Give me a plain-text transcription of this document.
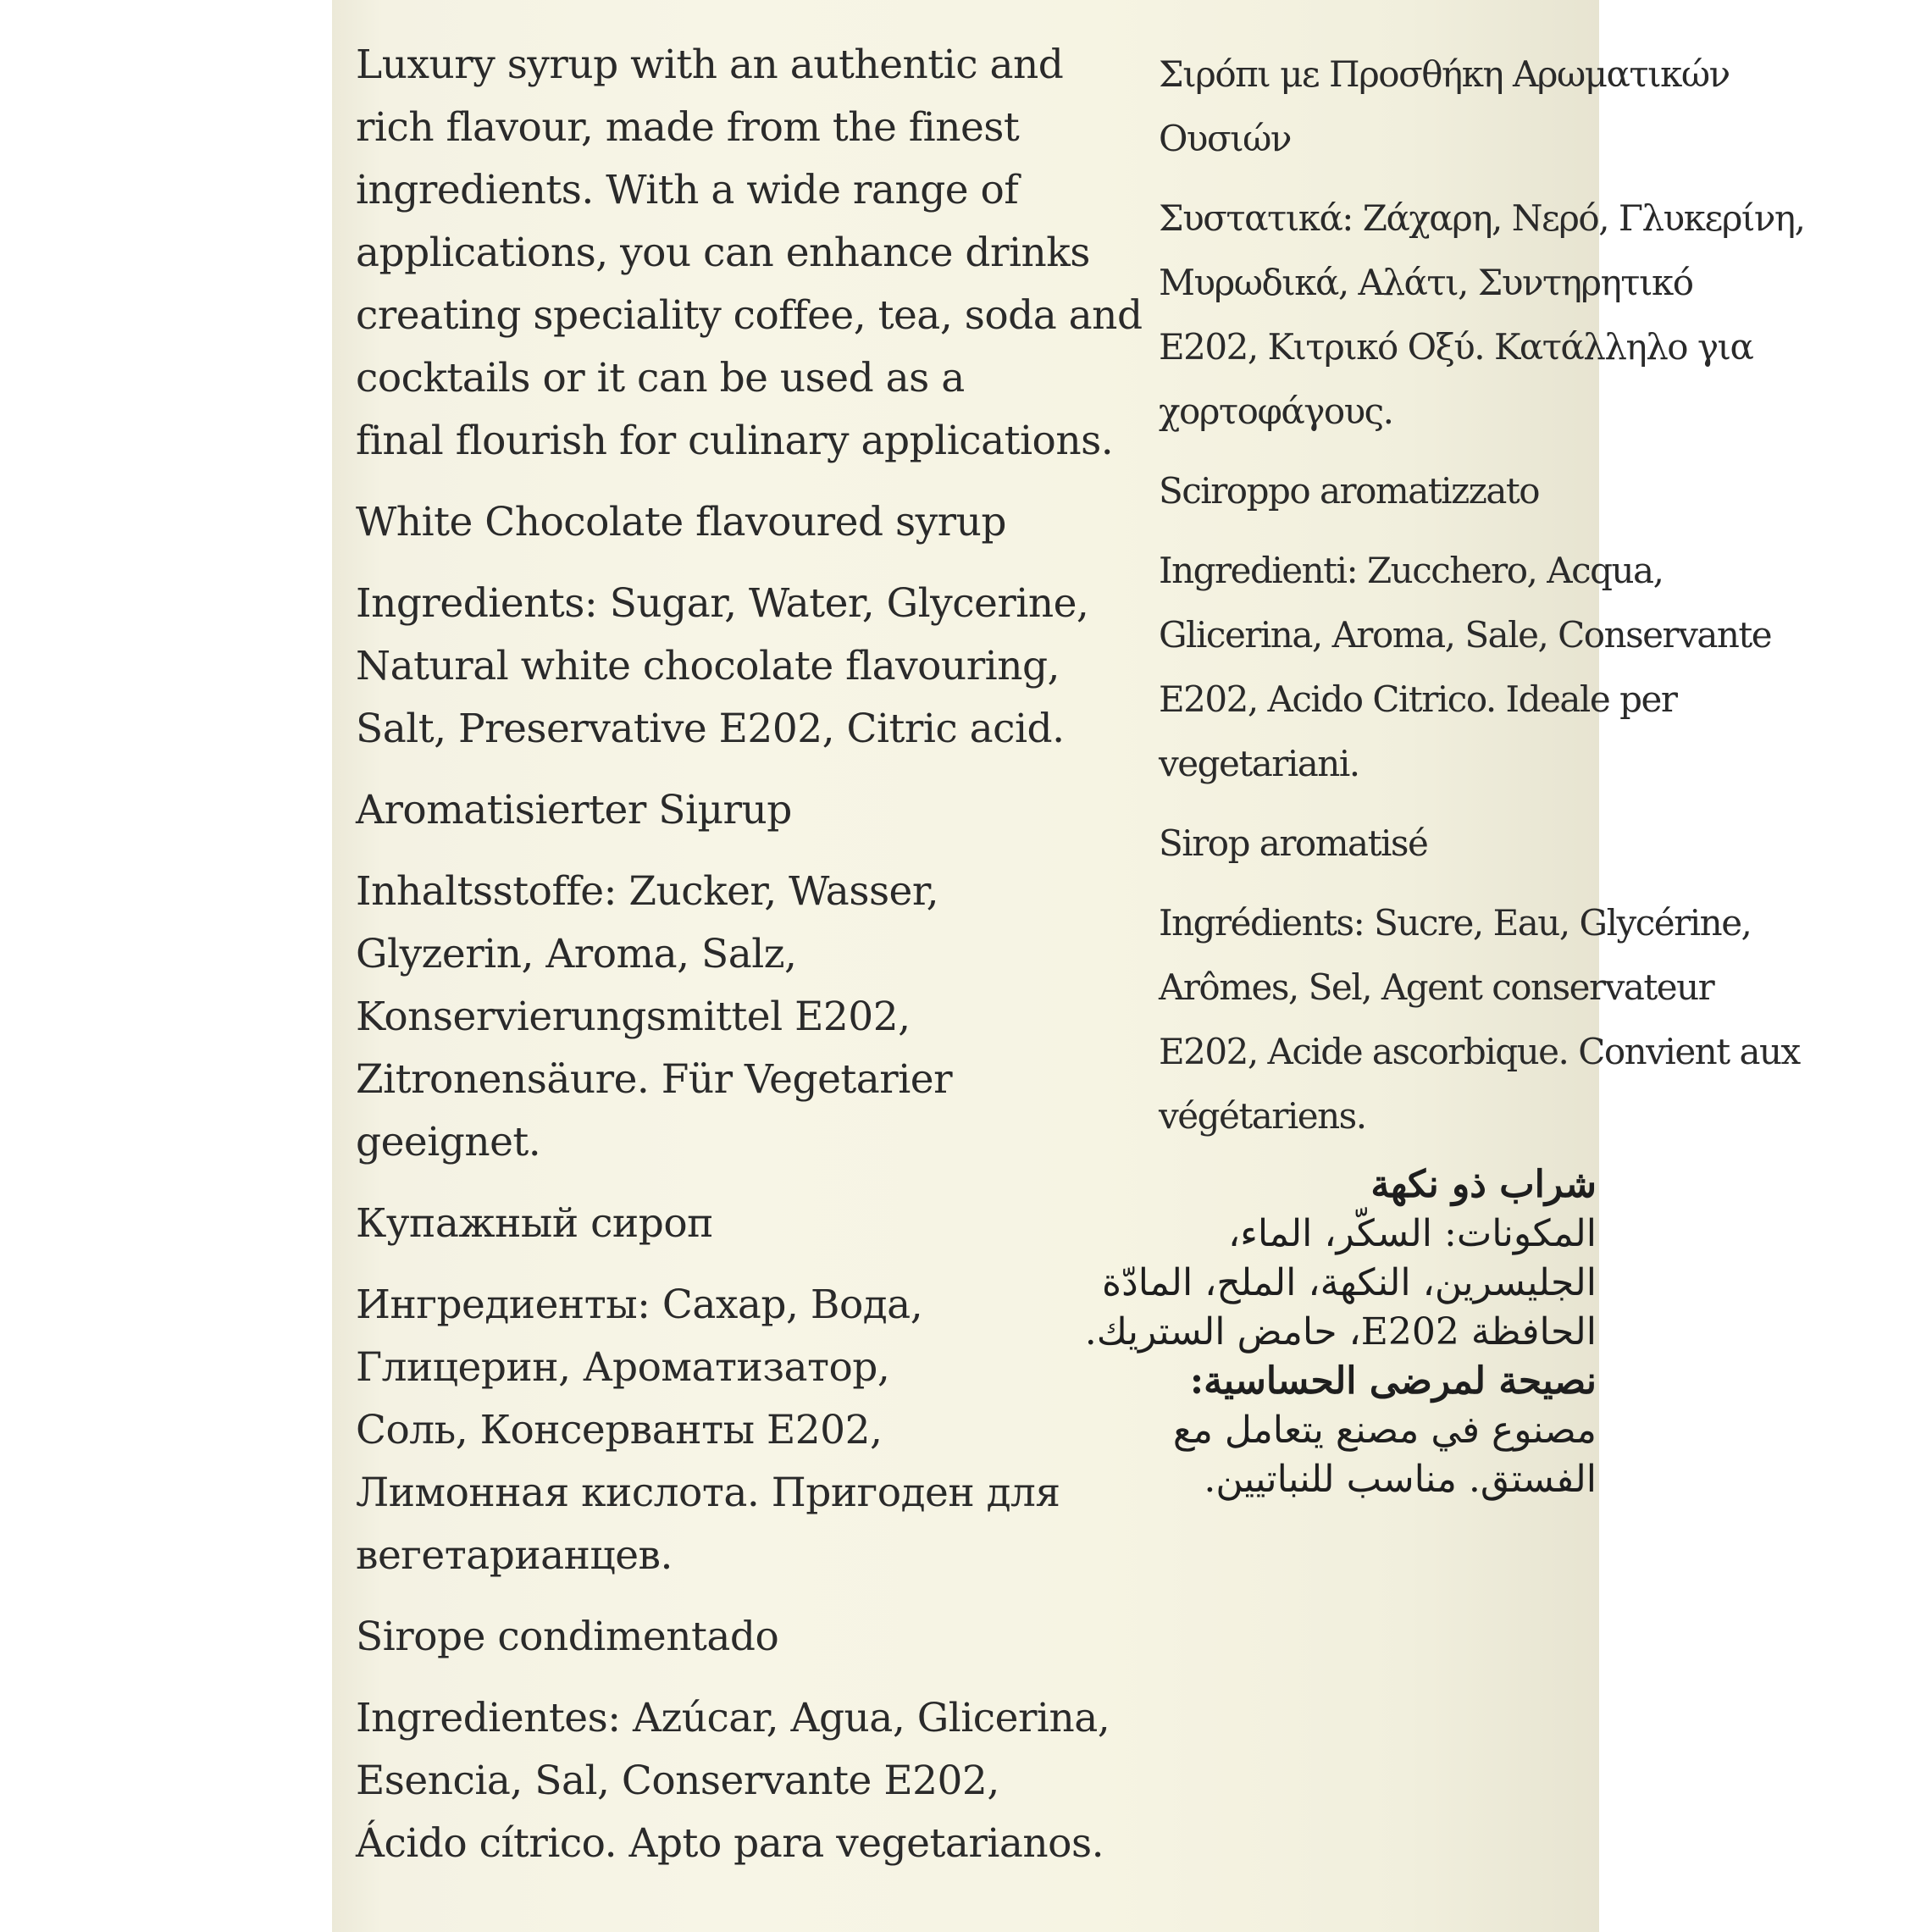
Luxury syrup with an authentic and
rich flavour, made from the finest
ingredients. With a wide range of
applications, you can enhance drinks
creating speciality coffee, tea, soda and
cocktails or it can be used as a
final flourish for culinary applications.
White Chocolate flavoured syrup
Ingredients: Sugar, Water, Glycerine,
Natural white chocolate flavouring,
Salt, Preservative E202, Citric acid.
Aromatisierter Siµrup
Inhaltsstoffe: Zucker, Wasser,
Glyzerin, Aroma, Salz,
Konservierungsmittel E202,
Zitronensäure. Für Vegetarier
geeignet.
Купажный сироп
Ингредиенты: Сахар, Вода,
Глицерин, Ароматизатор,
Соль, Консерванты E202,
Лимонная кислота. Пригоден для
вегетарианцев.
Sirope condimentado
Ingredientes: Azúcar, Agua, Glicerina,
Esencia, Sal, Conservante E202,
Ácido cítrico. Apto para vegetarianos.
Σιρόπι με Προσθήκη Αρωματικών
Ουσιών
Συστατικά: Ζάχαρη, Νερό, Γλυκερίνη,
Μυρωδικά, Αλάτι, Συντηρητικό
E202, Κιτρικό Οξύ. Κατάλληλο για
χορτοφάγους.
Sciroppo aromatizzato
Ingredienti: Zucchero, Acqua,
Glicerina, Aroma, Sale, Conservante
E202, Acido Citrico. Ideale per
vegetariani.
Sirop aromatisé
Ingrédients: Sucre, Eau, Glycérine,
Arômes, Sel, Agent conservateur
E202, Acide ascorbique. Convient aux
végétariens.
شراب ذو نكهة
المكونات: السكّر، الماء،
الجليسرين، النكهة، الملح، المادّة
الحافظة E202، حامض الستريك.
نصيحة لمرضى الحساسية:
مصنوع في مصنع يتعامل مع
الفستق. مناسب للنباتيين.
